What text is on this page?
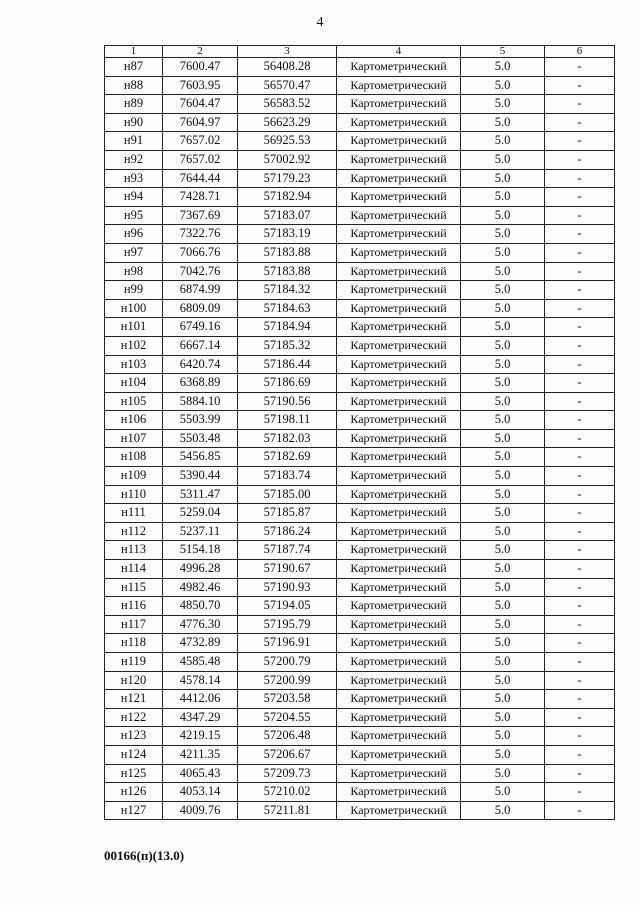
4
1	2	3	4	5	6
н87	7600.47	56408.28	Картометрический	5.0	-
н88	7603.95	56570.47	Картометрический	5.0	-
н89	7604.47	56583.52	Картометрический	5.0	-
н90	7604.97	56623.29	Картометрический	5.0	-
н91	7657.02	56925.53	Картометрический	5.0	-
н92	7657.02	57002.92	Картометрический	5.0	-
н93	7644.44	57179.23	Картометрический	5.0	-
н94	7428.71	57182.94	Картометрический	5.0	-
н95	7367.69	57183.07	Картометрический	5.0	-
н96	7322.76	57183.19	Картометрический	5.0	-
н97	7066.76	57183.88	Картометрический	5.0	-
н98	7042.76	57183.88	Картометрический	5.0	-
н99	6874.99	57184.32	Картометрический	5.0	-
н100	6809.09	57184.63	Картометрический	5.0	-
н101	6749.16	57184.94	Картометрический	5.0	-
н102	6667.14	57185.32	Картометрический	5.0	-
н103	6420.74	57186.44	Картометрический	5.0	-
н104	6368.89	57186.69	Картометрический	5.0	-
н105	5884.10	57190.56	Картометрический	5.0	-
н106	5503.99	57198.11	Картометрический	5.0	-
н107	5503.48	57182.03	Картометрический	5.0	-
н108	5456.85	57182.69	Картометрический	5.0	-
н109	5390.44	57183.74	Картометрический	5.0	-
н110	5311.47	57185.00	Картометрический	5.0	-
н111	5259.04	57185.87	Картометрический	5.0	-
н112	5237.11	57186.24	Картометрический	5.0	-
н113	5154.18	57187.74	Картометрический	5.0	-
н114	4996.28	57190.67	Картометрический	5.0	-
н115	4982.46	57190.93	Картометрический	5.0	-
н116	4850.70	57194.05	Картометрический	5.0	-
н117	4776.30	57195.79	Картометрический	5.0	-
н118	4732.89	57196.91	Картометрический	5.0	-
н119	4585.48	57200.79	Картометрический	5.0	-
н120	4578.14	57200.99	Картометрический	5.0	-
н121	4412.06	57203.58	Картометрический	5.0	-
н122	4347.29	57204.55	Картометрический	5.0	-
н123	4219.15	57206.48	Картометрический	5.0	-
н124	4211.35	57206.67	Картометрический	5.0	-
н125	4065.43	57209.73	Картометрический	5.0	-
н126	4053.14	57210.02	Картометрический	5.0	-
н127	4009.76	57211.81	Картометрический	5.0	-
00166(п)(13.0)
